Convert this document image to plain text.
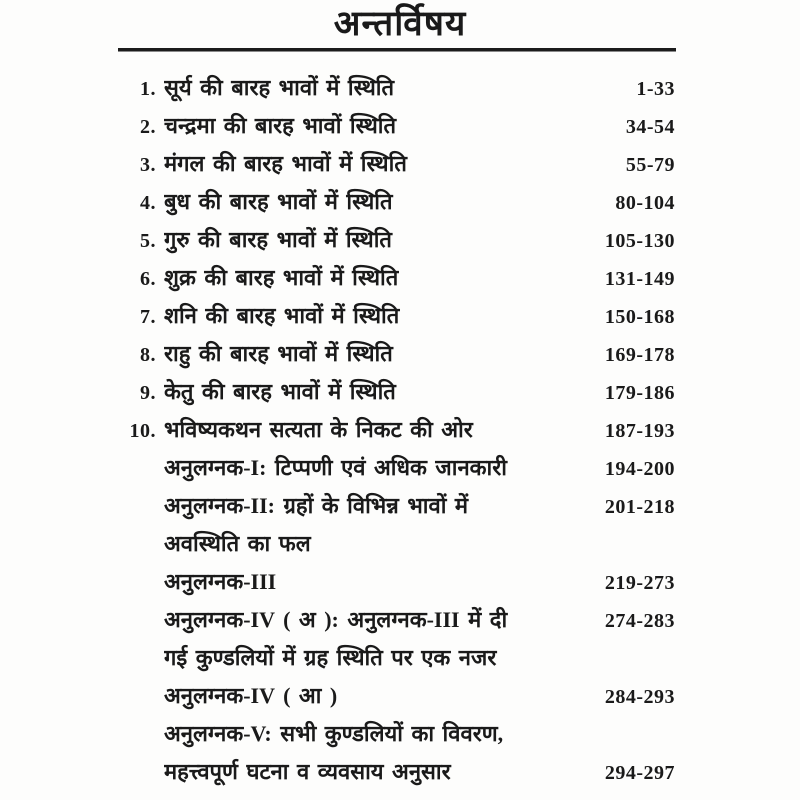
अन्तर्विषय
1. सूर्य की बारह भावों में स्थिति	1-33
2. चन्द्रमा की बारह भावों स्थिति	34-54
3. मंगल की बारह भावों में स्थिति	55-79
4. बुध की बारह भावों में स्थिति	80-104
5. गुरु की बारह भावों में स्थिति	105-130
6. शुक्र की बारह भावों में स्थिति	131-149
7. शनि की बारह भावों में स्थिति	150-168
8. राहु की बारह भावों में स्थिति	169-178
9. केतु की बारह भावों में स्थिति	179-186
10. भविष्यकथन सत्यता के निकट की ओर	187-193
अनुलग्नक-I: टिप्पणी एवं अधिक जानकारी	194-200
अनुलग्नक-II: ग्रहों के विभिन्न भावों में	201-218
अवस्थिति का फल
अनुलग्नक-III	219-273
अनुलग्नक-IV ( अ ): अनुलग्नक-III में दी	274-283
गई कुण्डलियों में ग्रह स्थिति पर एक नजर
अनुलग्नक-IV ( आ )	284-293
अनुलग्नक-V: सभी कुण्डलियों का विवरण,
महत्त्वपूर्ण घटना व व्यवसाय अनुसार	294-297
